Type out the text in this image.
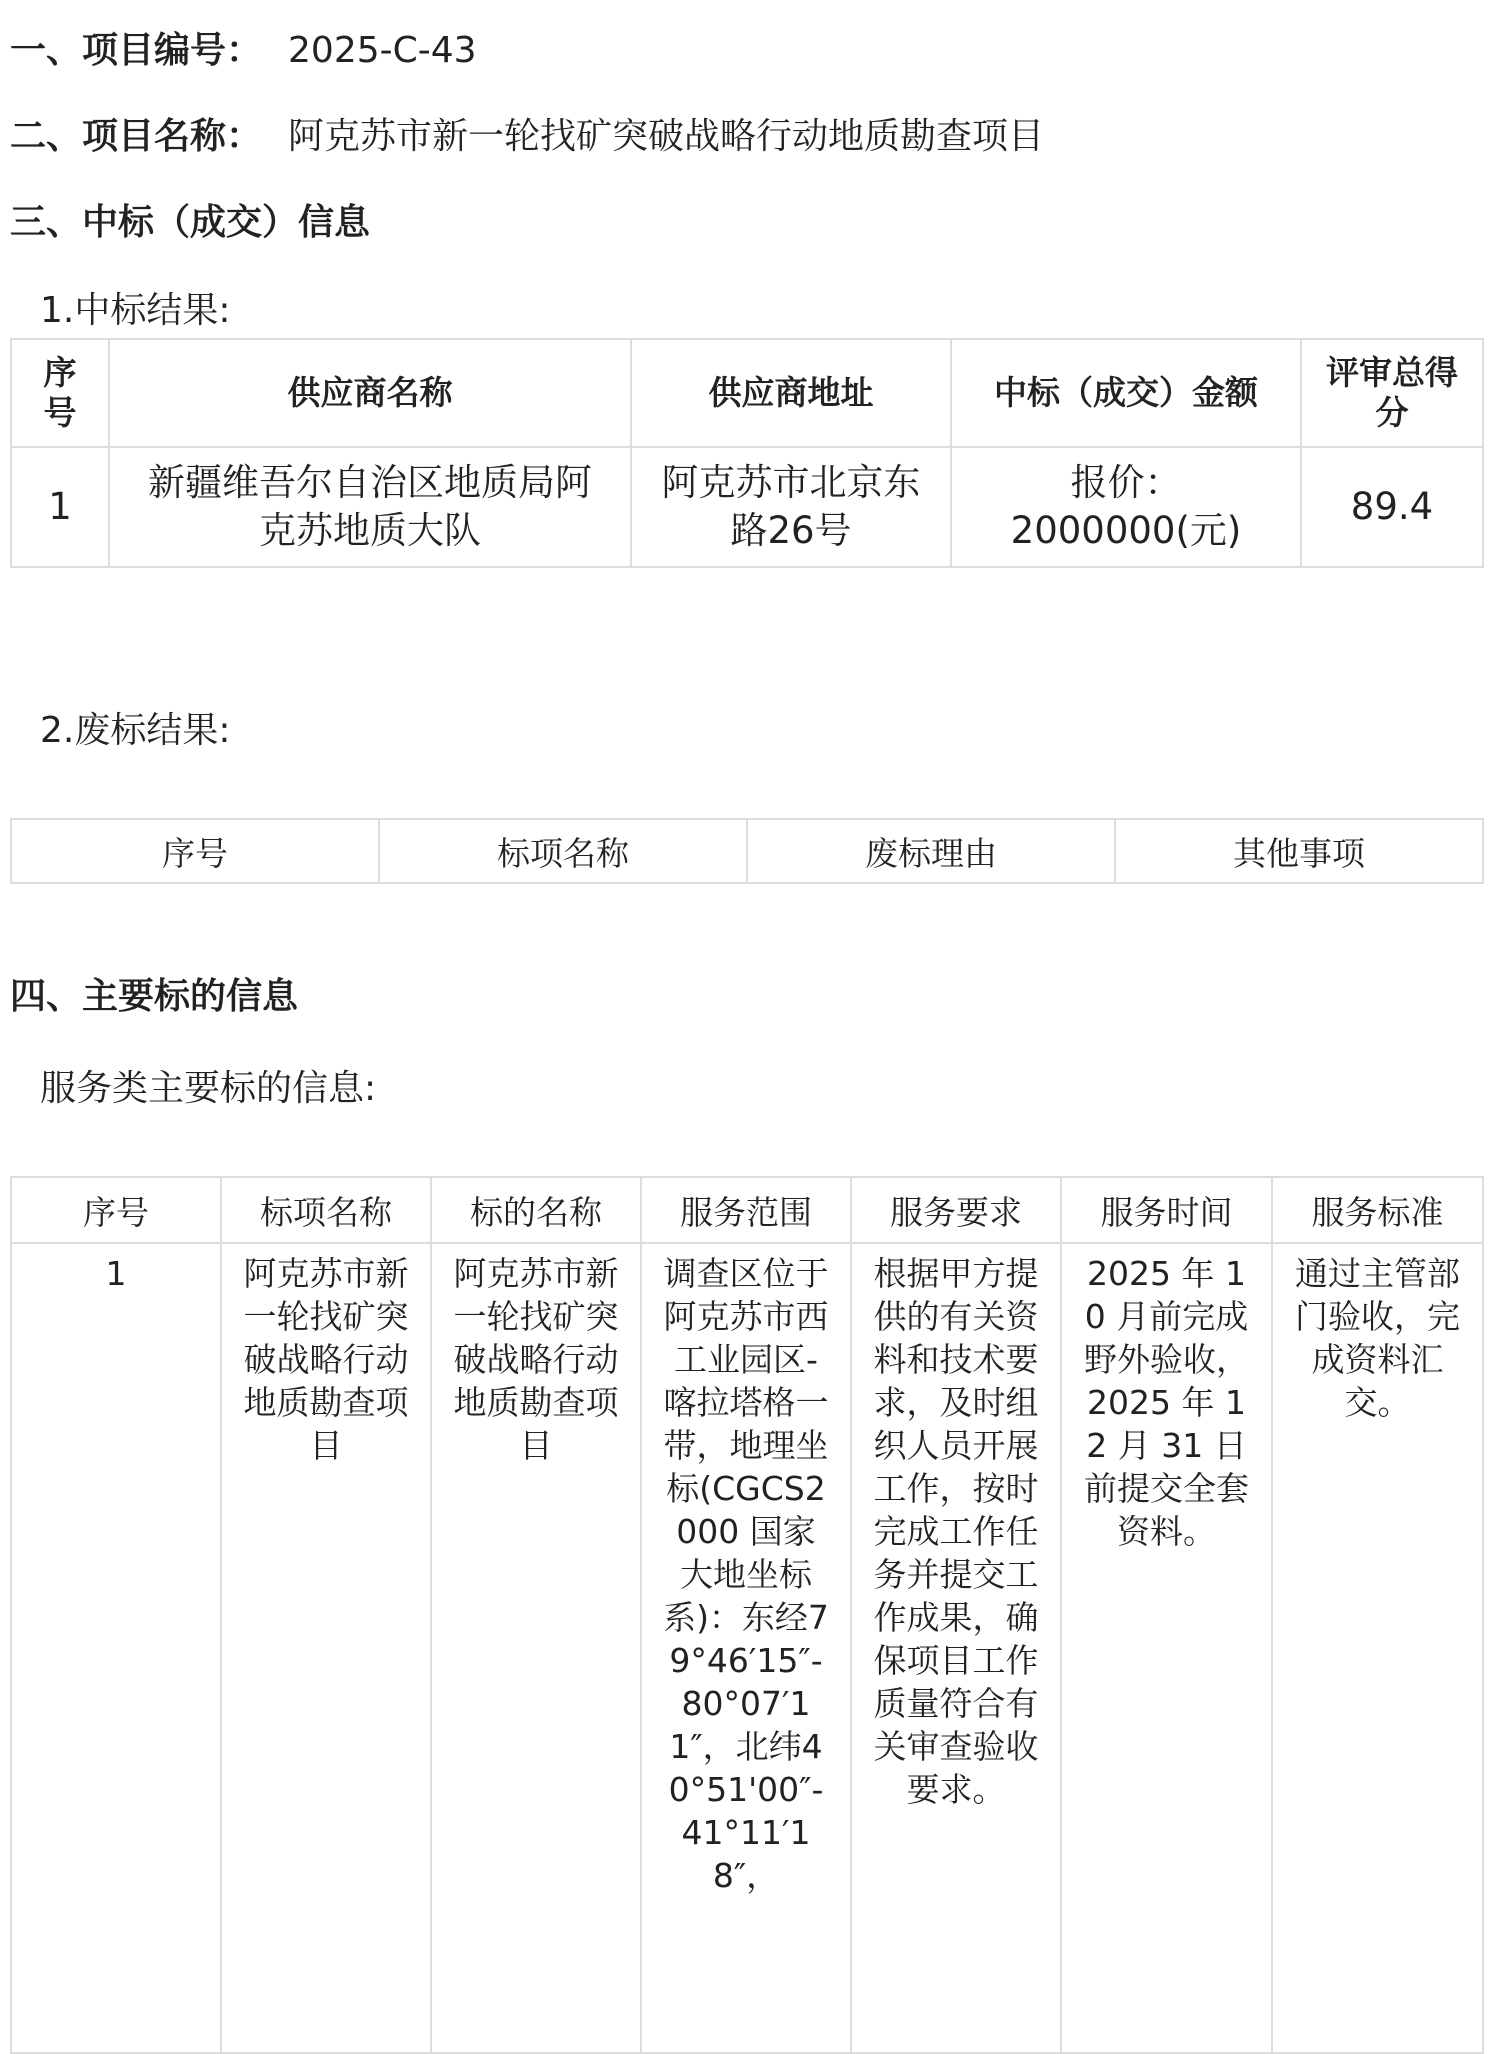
一、项目编号： 2025-C-43
二、项目名称： 阿克苏市新一轮找矿突破战略行动地质勘查项目
三、中标（成交）信息
1.中标结果:
序号	供应商名称	供应商地址	中标（成交）金额	评审总得分
1	新疆维吾尔自治区地质局阿克苏地质大队	阿克苏市北京东路26号	报价：2000000(元)	89.4
2.废标结果:
序号	标项名称	废标理由	其他事项
四、主要标的信息
服务类主要标的信息:
序号	标项名称	标的名称	服务范围	服务要求	服务时间	服务标准

1	阿克苏市新一轮找矿突破战略行动地质勘查项目	阿克苏市新一轮找矿突破战略行动地质勘查项目	调查区位于阿克苏市西工业园区-喀拉塔格一带，地理坐标(CGCS2000 国家大地坐标系)：东经79°46′15″-80°07′11″，北纬40°51'00″-41°11′18″，	根据甲方提供的有关资料和技术要求，及时组织人员开展工作，按时完成工作任务并提交工作成果，确保项目工作质量符合有关审查验收要求。	2025 年 10 月前完成野外验收，2025 年 12 月 31 日前提交全套资料。	通过主管部门验收，完成资料汇交。
